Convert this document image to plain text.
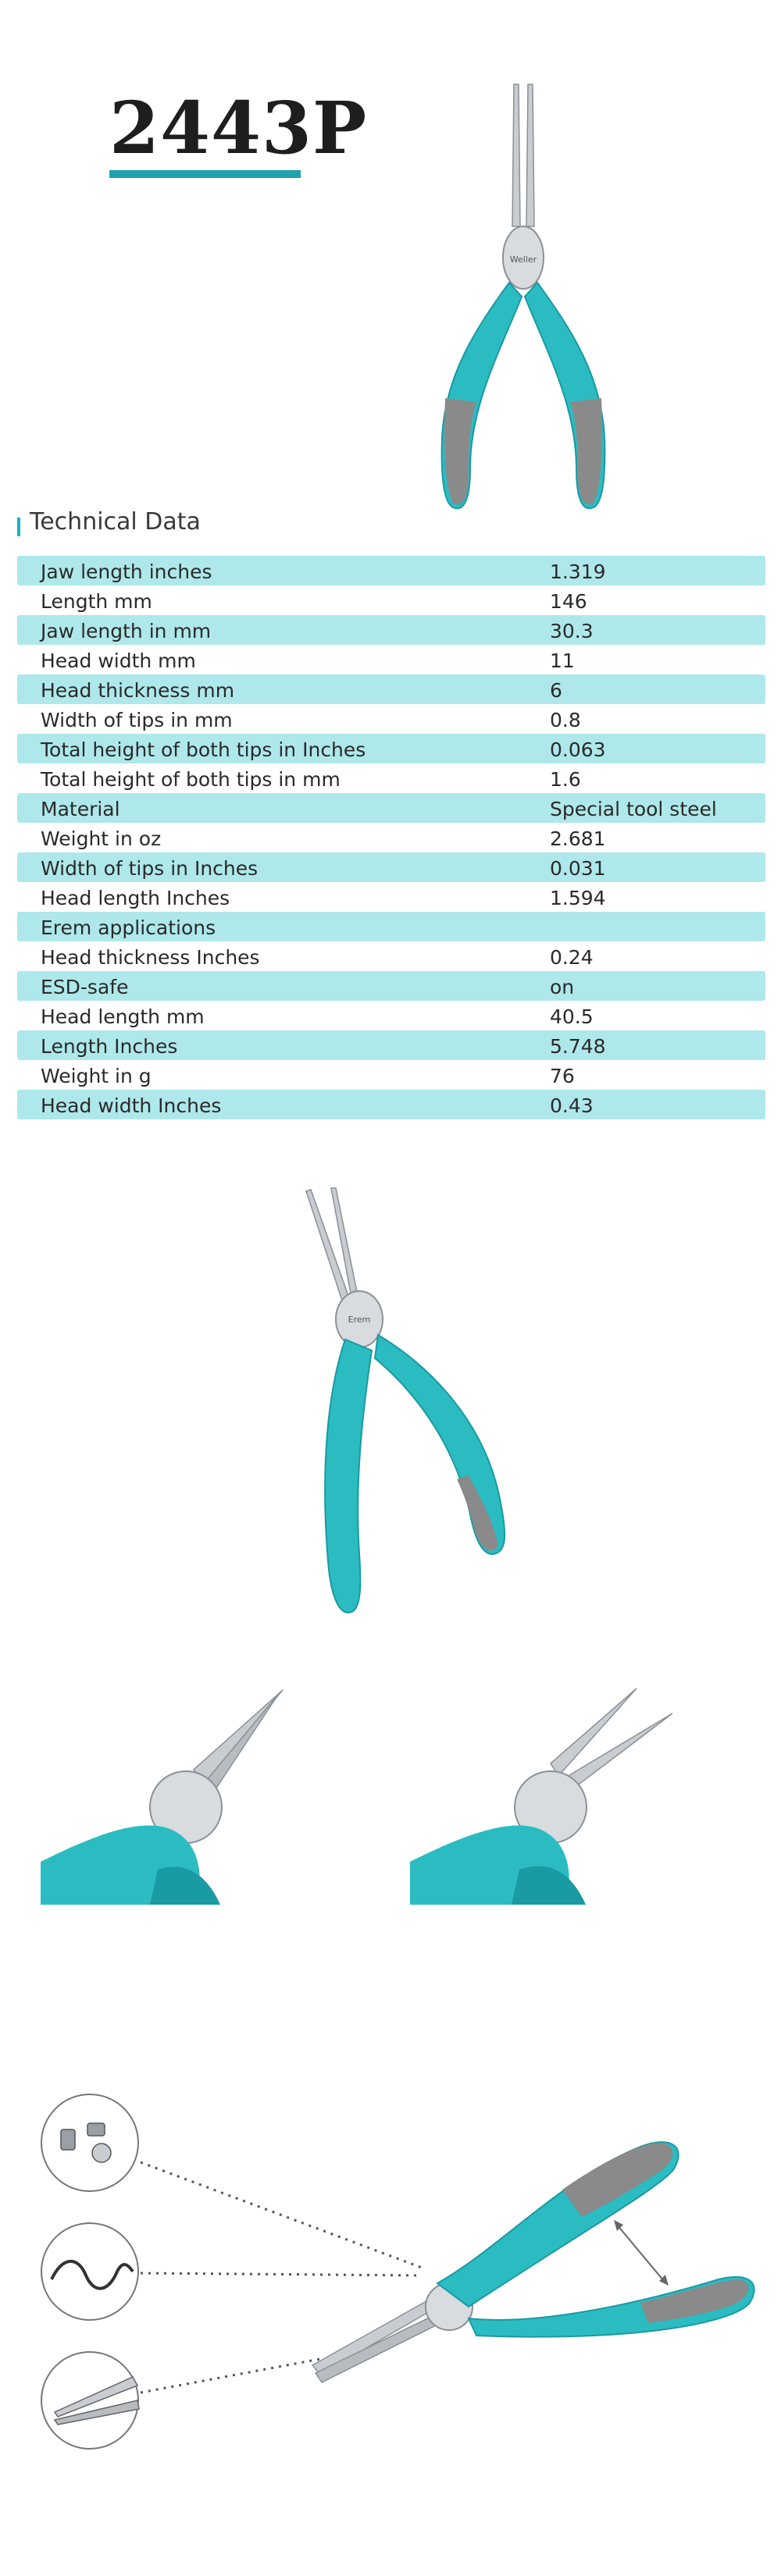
2443P
Weller
Technical Data
Jaw length inches	1.319
Length mm	146
Jaw length in mm	30.3
Head width mm	11
Head thickness mm	6
Width of tips in mm	0.8
Total height of both tips in Inches	0.063
Total height of both tips in mm	1.6
Material	Special tool steel
Weight in oz	2.681
Width of tips in Inches	0.031
Head length Inches	1.594
Erem applications
Head thickness Inches	0.24
ESD-safe	on
Head length mm	40.5
Length Inches	5.748
Weight in g	76
Head width Inches	0.43
Erem
